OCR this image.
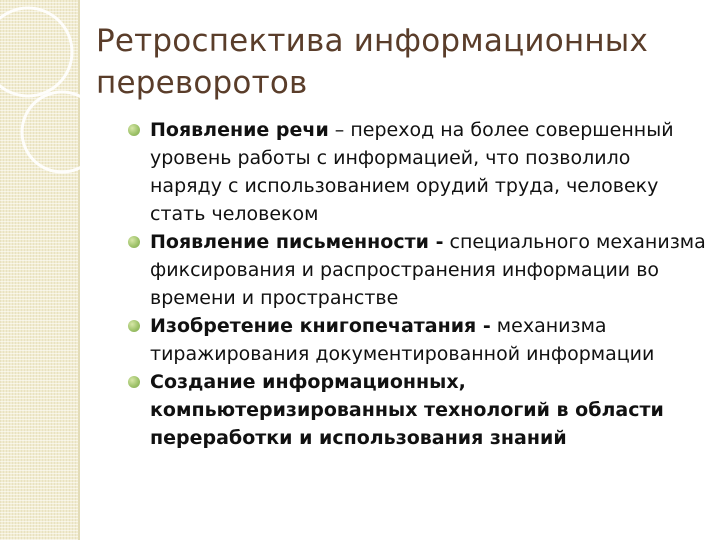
Ретроспектива информационных переворотов
Появление речи – переход на более совершенный уровень работы с информацией, что позволило наряду с использованием орудий труда, человеку стать человеком
Появление письменности - специального механизма фиксирования и распространения информации во времени и пространстве
Изобретение книгопечатания - механизма тиражирования документированной информации
Создание информационных, компьютеризированных технологий в области переработки и использования знаний
